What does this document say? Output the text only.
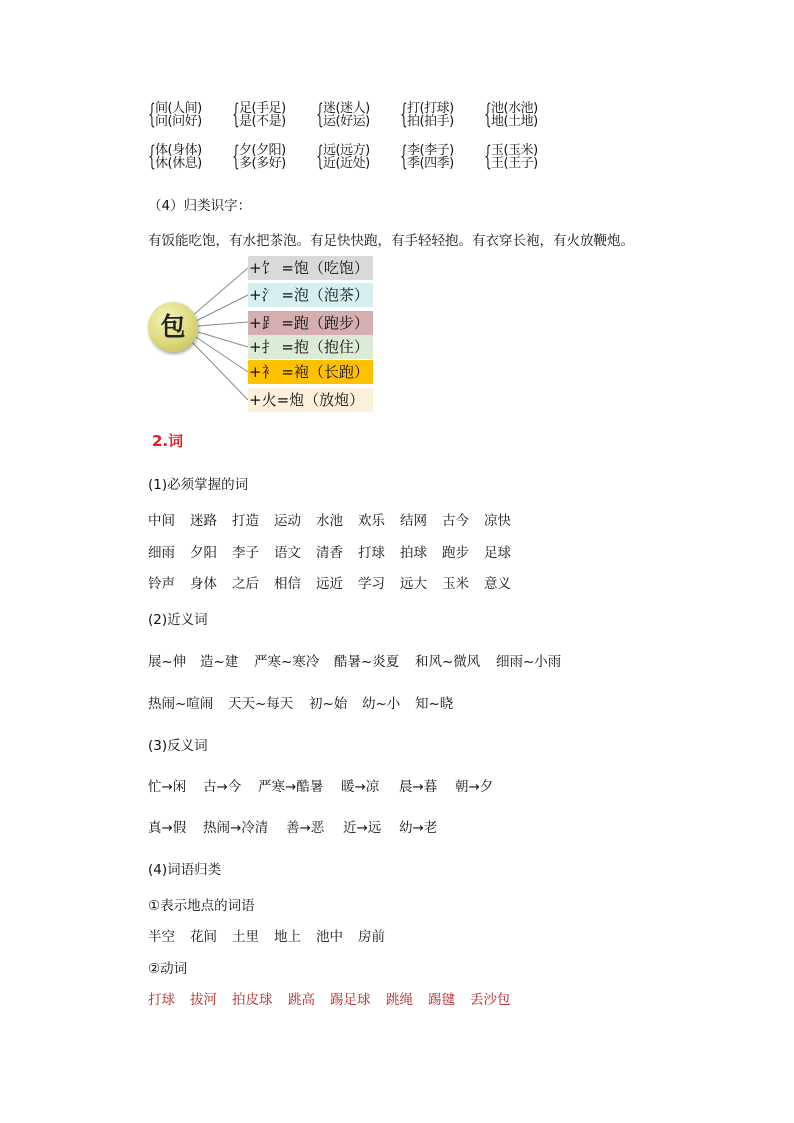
{ 间(人间)
问(问好) { 足(手足)
是(不是) { 迷(迷人)
运(好运) { 打(打球)
拍(拍手) { 池(水池)
地(土地)
{ 体(身体)
休(休息) { 夕(夕阳)
多(多好) { 远(远方)
近(近处) { 李(李子)
季(四季) { 玉(玉米)
王(王子)
（4）归类识字：
有饭能吃饱，有水把茶泡。有足快快跑，有手轻轻抱。有衣穿长袍，有火放鞭炮。
包
+饣 =饱（吃饱）
+氵 =泡（泡茶）
+⻊ =跑（跑步）
+扌 =抱（抱住）
+衤 =袍（长跑）
+火=炮（放炮）
2.词
(1)必须掌握的词
中间 迷路 打造 运动 水池 欢乐 结网 古今 凉快
细雨 夕阳 李子 语文 清香 打球 拍球 跑步 足球
铃声 身体 之后 相信 远近 学习 远大 玉米 意义
(2)近义词
展~伸 造~建 严寒~寒冷 酷暑~炎夏 和风~微风 细雨~小雨
热闹~喧闹 天天~每天 初~始 幼~小 知~晓
(3)反义词
忙→闲 古→今 严寒→酷暑 暖→凉 晨→暮 朝→夕
真→假 热闹→冷清 善→恶 近→远 幼→老
(4)词语归类
①表示地点的词语
半空 花间 土里 地上 池中 房前
②动词
打球 拔河 拍皮球 跳高 踢足球 跳绳 踢毽 丢沙包
